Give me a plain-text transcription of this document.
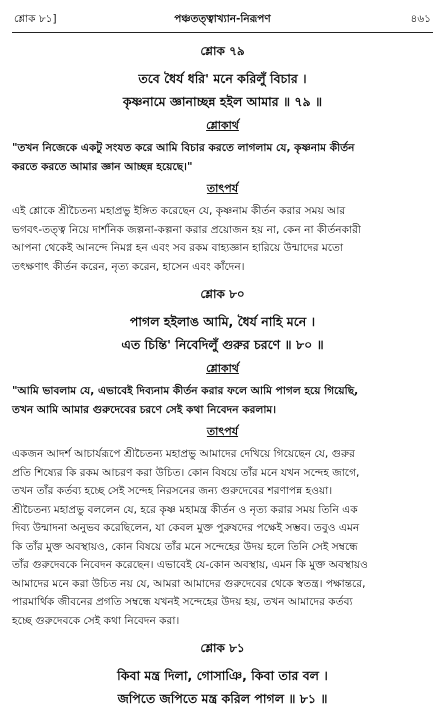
শ্লোক ৮১]	পঞ্চতত্ত্বাখ্যান-নিরূপণ	৪৬১
শ্লোক ৭৯
তবে ধৈর্য ধরি' মনে করিলুঁ বিচার ।
কৃষ্ণনামে জ্ঞানাচ্ছন্ন হইল আমার ॥ ৭৯ ॥
শ্লোকার্থ
"তখন নিজেকে একটু সংযত করে আমি বিচার করতে লাগলাম যে, কৃষ্ণনাম কীর্তন
করতে করতে আমার জ্ঞান আচ্ছন্ন হয়েছে।"
তাৎপর্য
এই শ্লোকে শ্রীচৈতন্য মহাপ্রভু ইঙ্গিত করেছেন যে, কৃষ্ণনাম কীর্তন করার সময় আর
ভগবৎ-তত্ত্ব নিয়ে দার্শনিক জল্পনা-কল্পনা করার প্রয়োজন হয় না, কেন না কীর্তনকারী
আপনা থেকেই আনন্দে নিমগ্ন হন এবং সব রকম বাহ্যজ্ঞান হারিয়ে উন্মাদের মতো
তৎক্ষণাৎ কীর্তন করেন, নৃত্য করেন, হাসেন এবং কাঁদেন।
শ্লোক ৮০
পাগল হইলাঙ আমি, ধৈর্য নাহি মনে ।
এত চিন্তি' নিবেদিলুঁ গুরুর চরণে ॥ ৮০ ॥
শ্লোকার্থ
"আমি ভাবলাম যে, এভাবেই দিব্যনাম কীর্তন করার ফলে আমি পাগল হয়ে গিয়েছি,
তখন আমি আমার গুরুদেবের চরণে সেই কথা নিবেদন করলাম।
তাৎপর্য
একজন আদর্শ আচার্যরূপে শ্রীচৈতন্য মহাপ্রভু আমাদের দেখিয়ে গিয়েছেন যে, গুরুর
প্রতি শিষ্যের কি রকম আচরণ করা উচিত। কোন বিষয়ে তাঁর মনে যখন সন্দেহ জাগে,
তখন তাঁর কর্তব্য হচ্ছে সেই সন্দেহ নিরসনের জন্য গুরুদেবের শরণাপন্ন হওয়া।
শ্রীচৈতন্য মহাপ্রভু বললেন যে, হরে কৃষ্ণ মহামন্ত্র কীর্তন ও নৃত্য করার সময় তিনি এক
দিব্য উন্মাদনা অনুভব করেছিলেন, যা কেবল মুক্ত পুরুষদের পক্ষেই সম্ভব। তবুও এমন
কি তাঁর মুক্ত অবস্থায়ও, কোন বিষয়ে তাঁর মনে সন্দেহের উদয় হলে তিনি সেই সম্বন্ধে
তাঁর গুরুদেবকে নিবেদন করেছেন। এভাবেই যে-কোন অবস্থায়, এমন কি মুক্ত অবস্থায়ও
আমাদের মনে করা উচিত নয় যে, আমরা আমাদের গুরুদেবের থেকে স্বতন্ত্র। পক্ষান্তরে,
পারমার্থিক জীবনের প্রগতি সম্বন্ধে যখনই সন্দেহের উদয় হয়, তখন আমাদের কর্তব্য
হচ্ছে গুরুদেবকে সেই কথা নিবেদন করা।
শ্লোক ৮১
কিবা মন্ত্র দিলা, গোসাঞি, কিবা তার বল ।
জপিতে জপিতে মন্ত্র করিল পাগল ॥ ৮১ ॥
